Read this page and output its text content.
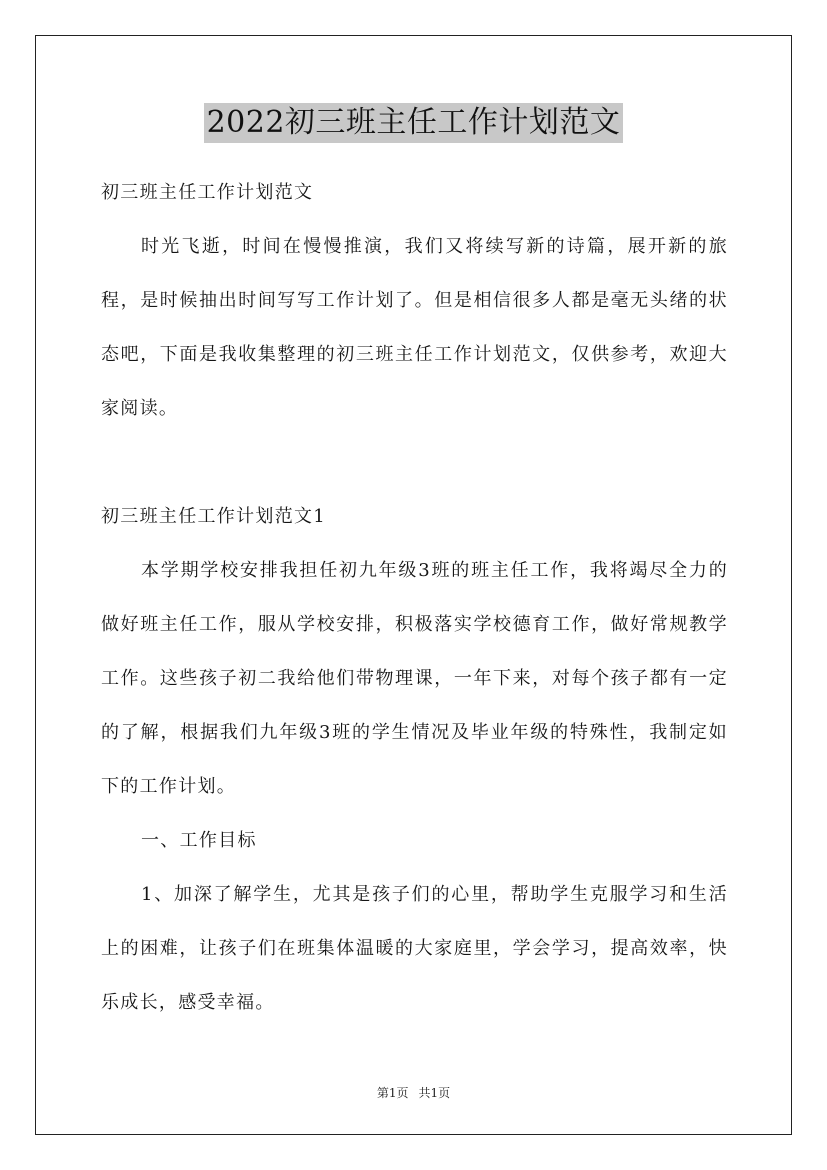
2022初三班主任工作计划范文

初三班主任工作计划范文

时光飞逝，时间在慢慢推演，我们又将续写新的诗篇，展开新的旅程，是时候抽出时间写写工作计划了。但是相信很多人都是毫无头绪的状态吧，下面是我收集整理的初三班主任工作计划范文，仅供参考，欢迎大家阅读。

初三班主任工作计划范文1

本学期学校安排我担任初九年级3班的班主任工作，我将竭尽全力的做好班主任工作，服从学校安排，积极落实学校德育工作，做好常规教学工作。这些孩子初二我给他们带物理课，一年下来，对每个孩子都有一定的了解，根据我们九年级3班的学生情况及毕业年级的特殊性，我制定如下的工作计划。

一、工作目标

1、加深了解学生，尤其是孩子们的心里，帮助学生克服学习和生活上的困难，让孩子们在班集体温暖的大家庭里，学会学习，提高效率，快乐成长，感受幸福。

第1页 共1页
